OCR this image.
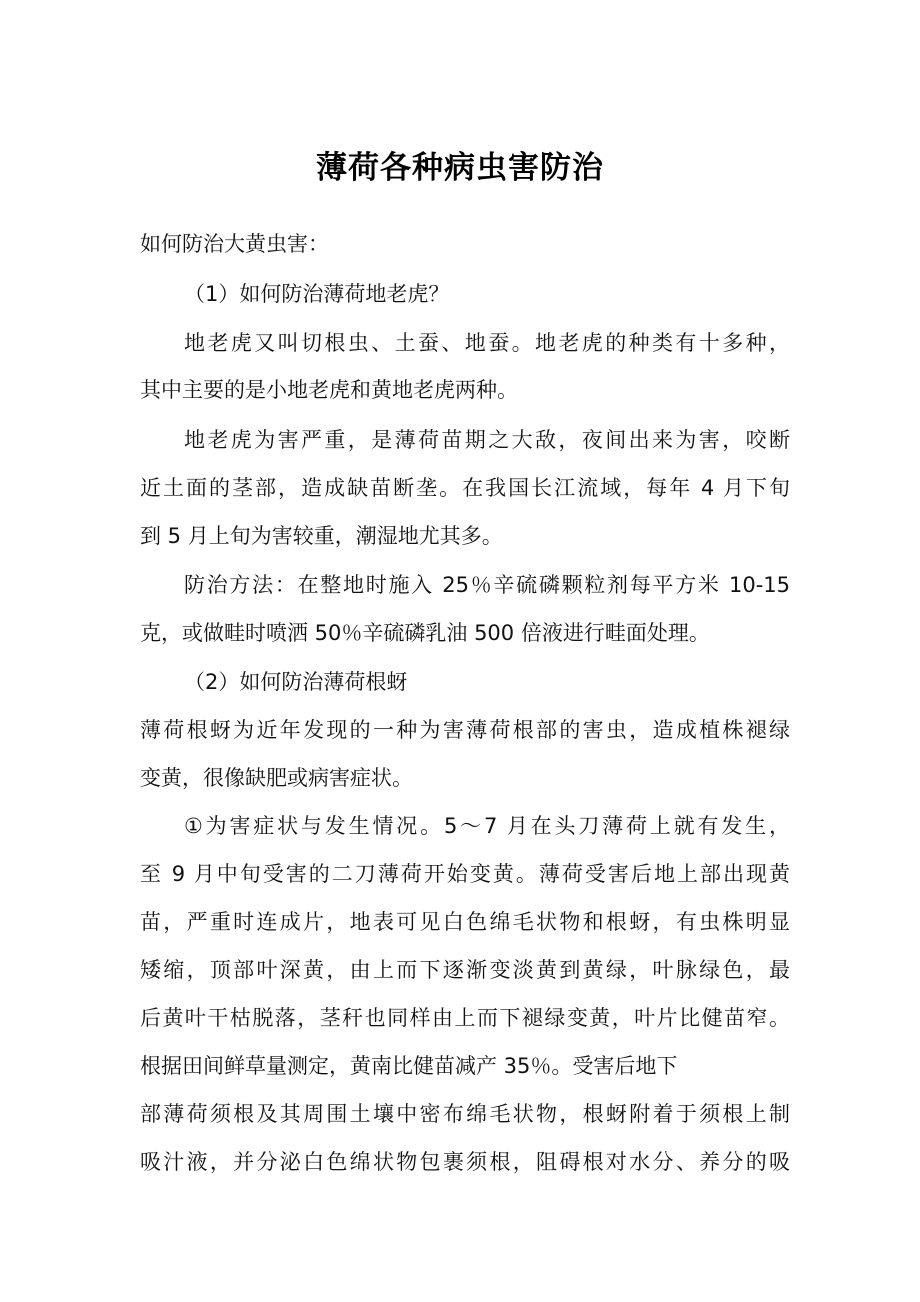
薄荷各种病虫害防治
如何防治大黄虫害：
（1）如何防治薄荷地老虎？
地老虎又叫切根虫、土蚕、地蚕。地老虎的种类有十多种，
其中主要的是小地老虎和黄地老虎两种。
地老虎为害严重，是薄荷苗期之大敌，夜间出来为害，咬断
近土面的茎部，造成缺苗断垄。在我国长江流域，每年 4 月下旬
到 5 月上旬为害较重，潮湿地尤其多。
防治方法：在整地时施入 25％辛硫磷颗粒剂每平方米 10-15
克，或做畦时喷洒 50％辛硫磷乳油 500 倍液进行畦面处理。
（2）如何防治薄荷根蚜
薄荷根蚜为近年发现的一种为害薄荷根部的害虫，造成植株褪绿
变黄，很像缺肥或病害症状。
①为害症状与发生情况。5～7 月在头刀薄荷上就有发生，
至 9 月中旬受害的二刀薄荷开始变黄。薄荷受害后地上部出现黄
苗，严重时连成片，地表可见白色绵毛状物和根蚜，有虫株明显
矮缩，顶部叶深黄，由上而下逐渐变淡黄到黄绿，叶脉绿色，最
后黄叶干枯脱落，茎秆也同样由上而下褪绿变黄，叶片比健苗窄。
根据田间鲜草量测定，黄南比健苗减产 35％。受害后地下
部薄荷须根及其周围土壤中密布绵毛状物，根蚜附着于须根上制
吸汁液，并分泌白色绵状物包裹须根，阻碍根对水分、养分的吸
